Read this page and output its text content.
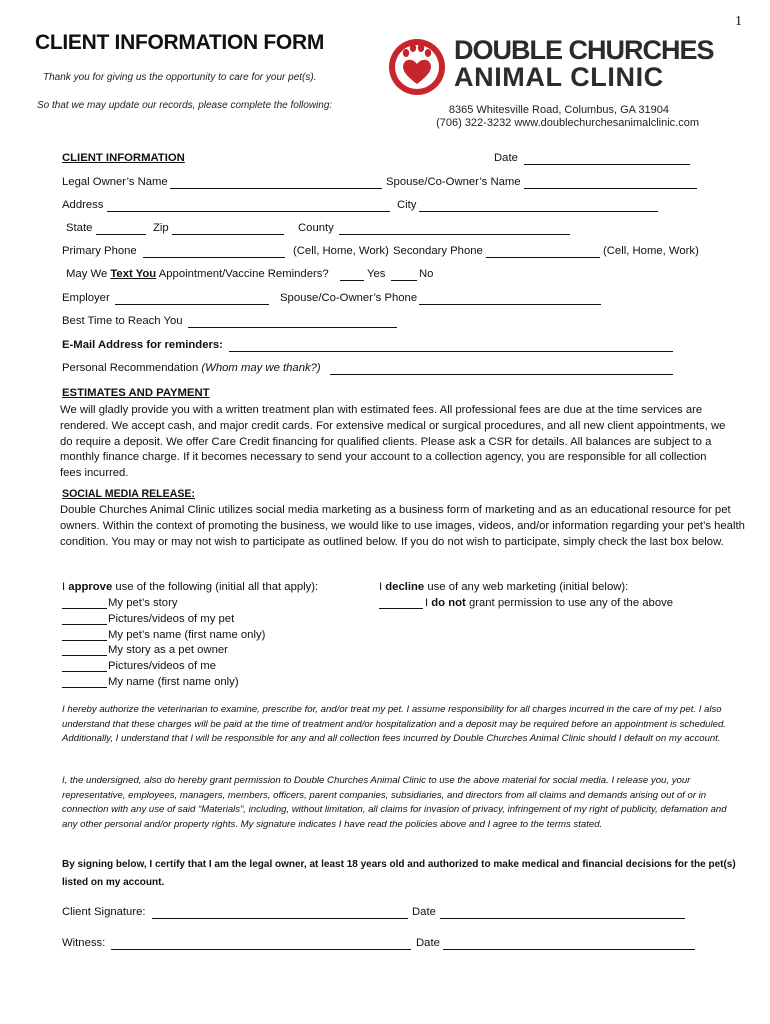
1
CLIENT INFORMATION FORM
Thank you for giving us the opportunity to care for your pet(s).
So that we may update our records, please complete the following:
DOUBLE CHURCHES
ANIMAL CLINIC
8365 Whitesville Road, Columbus, GA 31904
(706) 322-3232 www.doublechurchesanimalclinic.com
CLIENT INFORMATION	Date
Legal Owner’s Name	Spouse/Co-Owner’s Name
Address	City
State	Zip	County
Primary Phone	(Cell, Home, Work) Secondary Phone	(Cell, Home, Work)
May We Text You Appointment/Vaccine Reminders?	Yes	No
Employer	Spouse/Co-Owner’s Phone
Best Time to Reach You
E-Mail Address for reminders:
Personal Recommendation (Whom may we thank?)
ESTIMATES AND PAYMENT
We will gladly provide you with a written treatment plan with estimated fees. All professional fees are due at the time services are rendered. We accept cash, and major credit cards. For extensive medical or surgical procedures, and all new client appointments, we do require a deposit. We offer Care Credit financing for qualified clients. Please ask a CSR for details. All balances are subject to a monthly finance charge. If it becomes necessary to send your account to a collection agency, you are responsible for all collection fees incurred.
SOCIAL MEDIA RELEASE:
Double Churches Animal Clinic utilizes social media marketing as a business form of marketing and as an educational resource for pet owners. Within the context of promoting the business, we would like to use images, videos, and/or information regarding your pet’s health condition. You may or may not wish to participate as outlined below. If you do not wish to participate, simply check the last box below.
I approve use of the following (initial all that apply):
My pet’s story
Pictures/videos of my pet
My pet’s name (first name only)
My story as a pet owner
Pictures/videos of me
My name (first name only)
I decline use of any web marketing (initial below):
I do not grant permission to use any of the above
I hereby authorize the veterinarian to examine, prescribe for, and/or treat my pet. I assume responsibility for all charges incurred in the care of my pet. I also understand that these charges will be paid at the time of treatment and/or hospitalization and a deposit may be required before an appointment is scheduled. Additionally, I understand that I will be responsible for any and all collection fees incurred by Double Churches Animal Clinic should I default on my account.
I, the undersigned, also do hereby grant permission to Double Churches Animal Clinic to use the above material for social media. I release you, your representative, employees, managers, members, officers, parent companies, subsidiaries, and directors from all claims and demands arising out of or in connection with any use of said “Materials”, including, without limitation, all claims for invasion of privacy, infringement of my right of publicity, defamation and any other personal and/or property rights. My signature indicates I have read the policies above and I agree to the terms stated.
By signing below, I certify that I am the legal owner, at least 18 years old and authorized to make medical and financial decisions for the pet(s) listed on my account.
Client Signature:	Date
Witness:	Date
